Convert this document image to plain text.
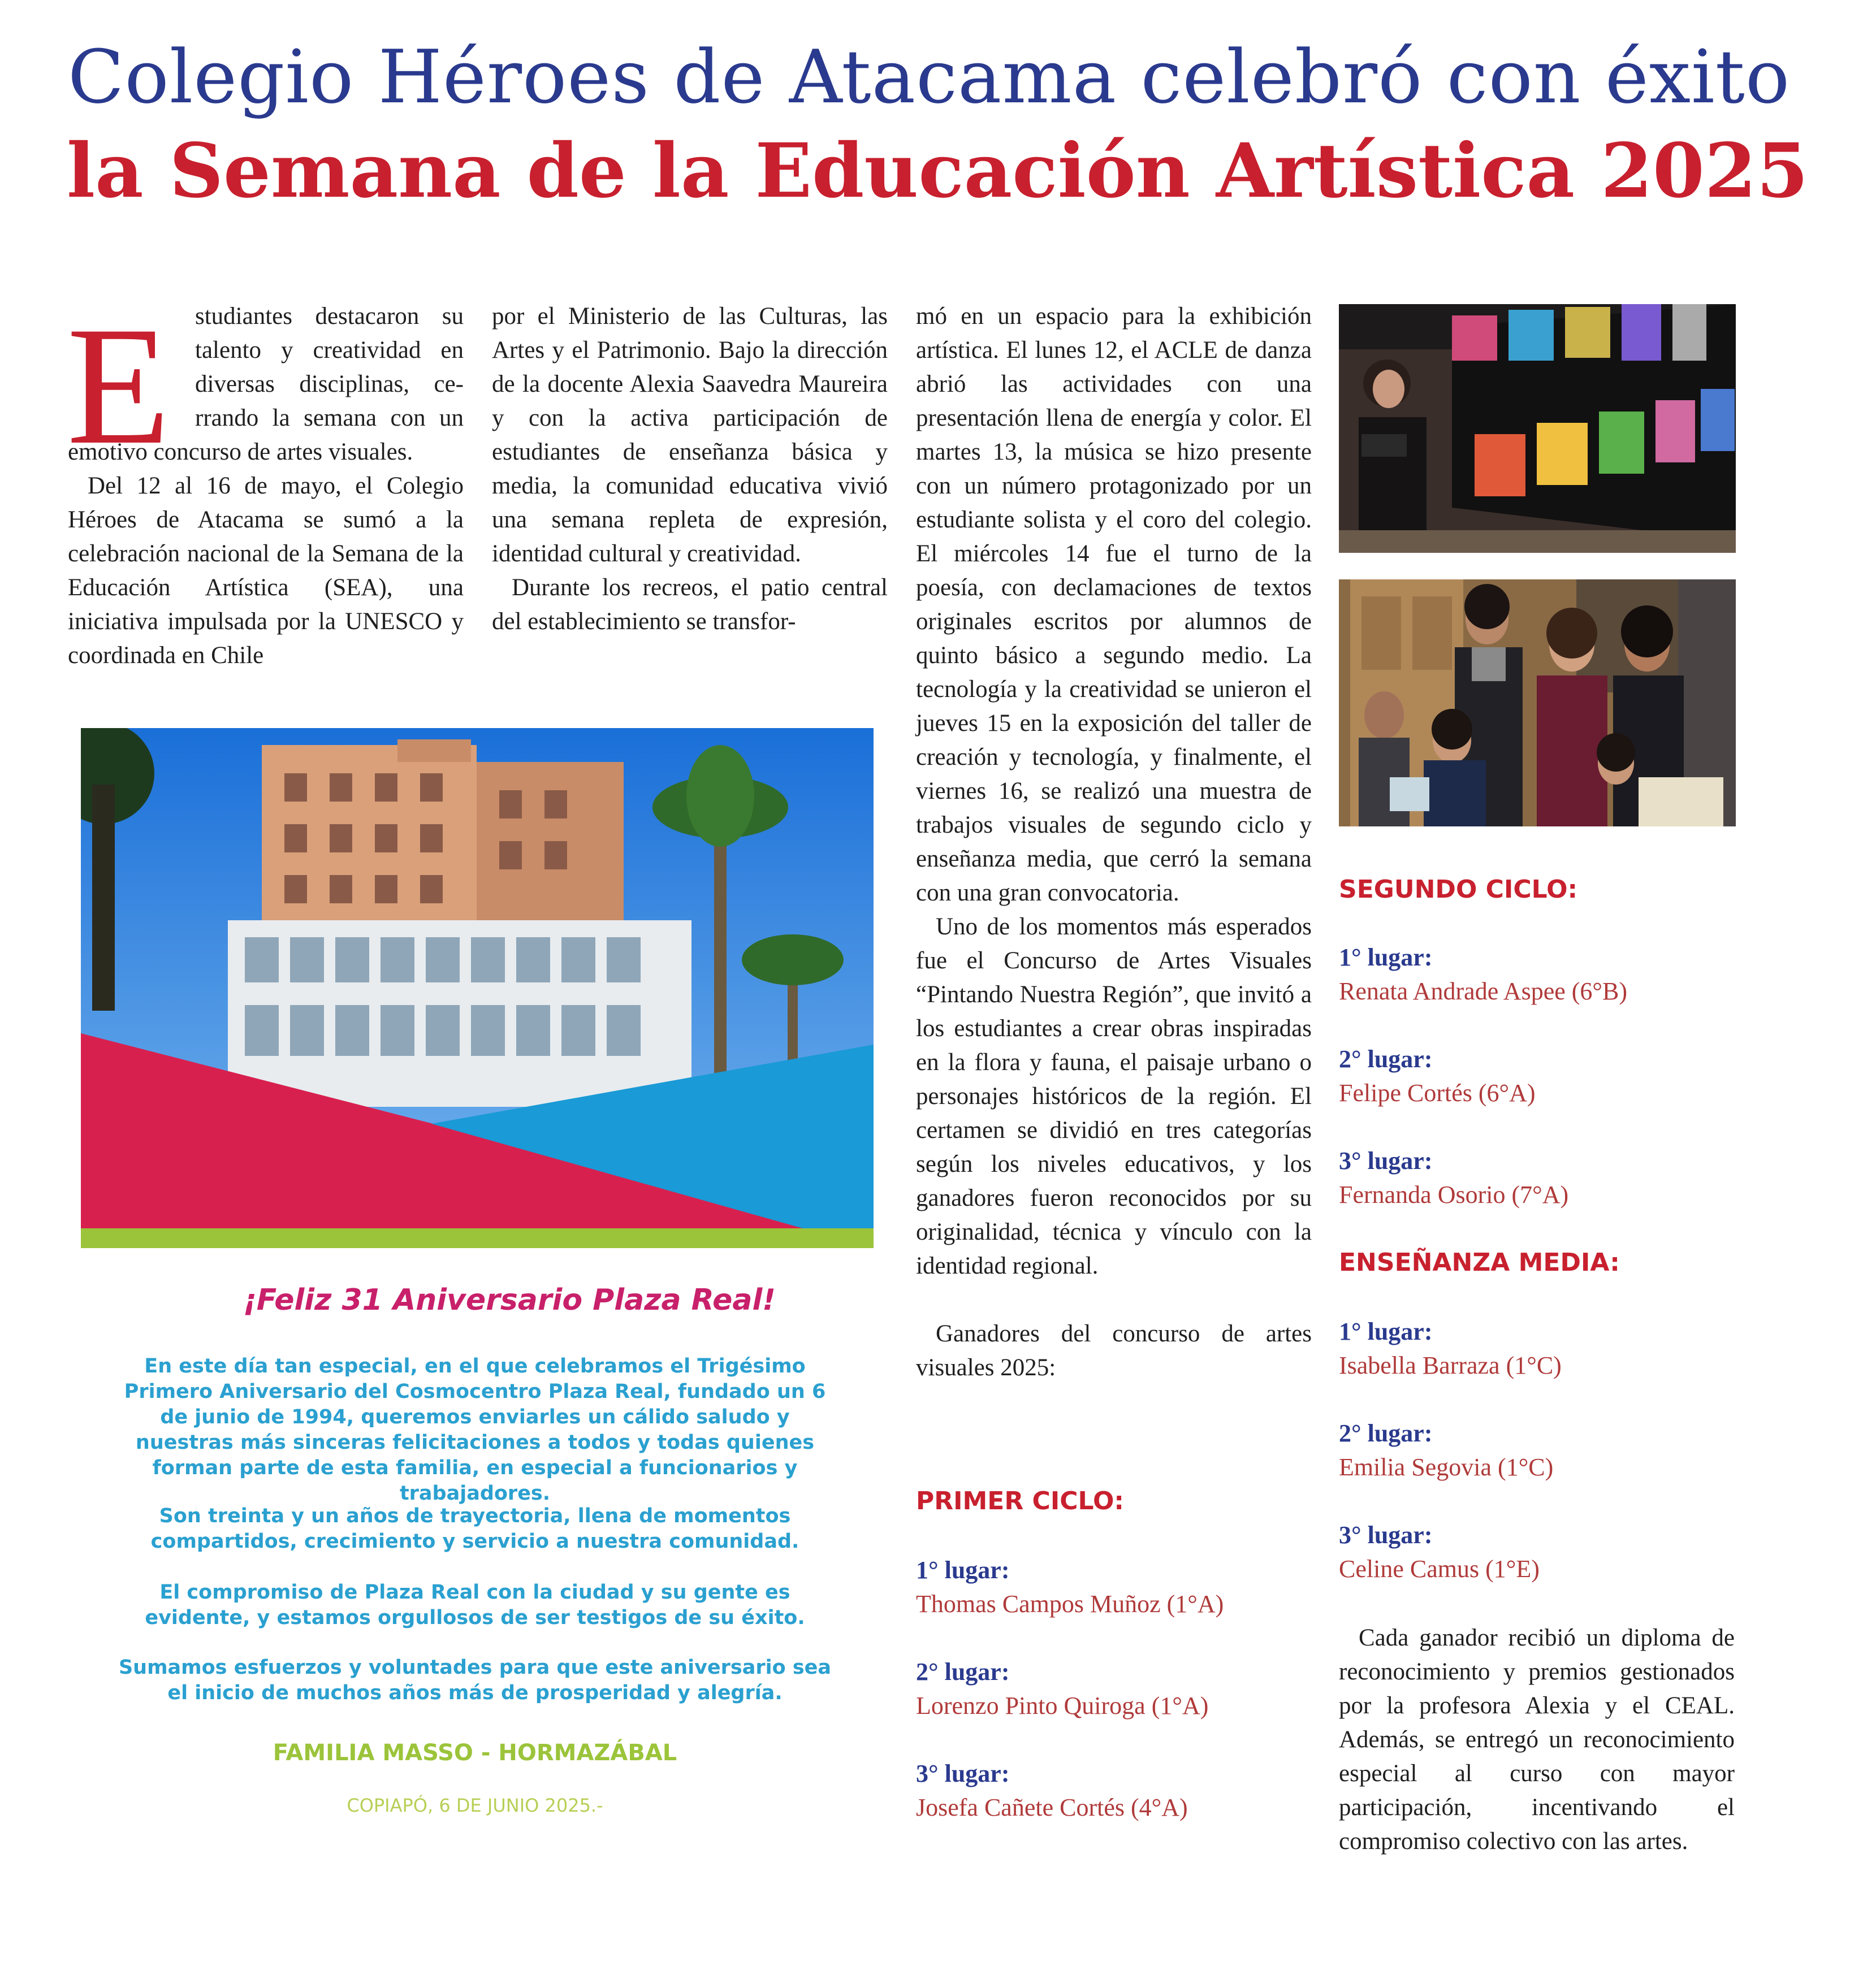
Colegio Héroes de Atacama celebró con éxito
la Semana de la Educación Artística 2025
E studiantes destacaron su
talento y creatividad en
diversas disciplinas, ce-
rrando la semana con un

emotivo concurso de artes visuales.

Del 12 al 16 de mayo, el Colegio Héroes de Atacama se sumó a la celebración nacional de la Semana de la Educación Artística (SEA), una iniciativa impulsada por la UNESCO y coordinada en Chile

por el Ministerio de las Culturas, las Artes y el Patrimonio. Bajo la dirección de la docente Alexia Saavedra Maureira y con la activa participación de estudiantes de enseñanza básica y media, la comunidad educativa vivió una semana repleta de expresión, identidad cultural y creatividad.

Durante los recreos, el patio central del establecimiento se transfor-

mó en un espacio para la exhibición artística. El lunes 12, el ACLE de danza abrió las actividades con una presentación llena de energía y color. El martes 13, la música se hizo presente con un número protagonizado por un estudiante solista y el coro del colegio. El miércoles 14 fue el turno de la poesía, con declamaciones de textos originales escritos por alumnos de quinto básico a segundo medio. La tecnología y la creatividad se unieron el jueves 15 en la exposición del taller de creación y tecnología, y finalmente, el viernes 16, se realizó una muestra de trabajos visuales de segundo ciclo y enseñanza media, que cerró la semana con una gran convocatoria.

Uno de los momentos más esperados fue el Concurso de Artes Visuales “Pintando Nuestra Región”, que invitó a los estudiantes a crear obras inspiradas en la flora y fauna, el paisaje urbano o personajes históricos de la región. El certamen se dividió en tres categorías según los niveles educativos, y los ganadores fueron reconocidos por su originalidad, técnica y vínculo con la identidad regional.

Ganadores del concurso de artes visuales 2025:

PRIMER CICLO:
1° lugar:
Thomas Campos Muñoz (1°A)
2° lugar:
Lorenzo Pinto Quiroga (1°A)
3° lugar:
Josefa Cañete Cortés (4°A)
SEGUNDO CICLO:
1° lugar:
Renata Andrade Aspee (6°B)
2° lugar:
Felipe Cortés (6°A)
3° lugar:
Fernanda Osorio (7°A)
ENSEÑANZA MEDIA:
1° lugar:
Isabella Barraza (1°C)
2° lugar:
Emilia Segovia (1°C)
3° lugar:
Celine Camus (1°E)

Cada ganador recibió un diploma de reconocimiento y premios gestionados por la profesora Alexia y el CEAL. Además, se entregó un reconocimiento especial al curso con mayor participación, incentivando el compromiso colectivo con las artes.

¡Feliz 31 Aniversario Plaza Real!
En este día tan especial, en el que celebramos el Trigésimo Primero Aniversario del Cosmocentro Plaza Real, fundado un 6 de junio de 1994, queremos enviarles un cálido saludo y nuestras más sinceras felicitaciones a todos y todas quienes forman parte de esta familia, en especial a funcionarios y trabajadores.
Son treinta y un años de trayectoria, llena de momentos compartidos, crecimiento y servicio a nuestra comunidad.
El compromiso de Plaza Real con la ciudad y su gente es evidente, y estamos orgullosos de ser testigos de su éxito.
Sumamos esfuerzos y voluntades para que este aniversario sea el inicio de muchos años más de prosperidad y alegría.
FAMILIA MASSO - HORMAZÁBAL
COPIAPÓ, 6 DE JUNIO 2025.-
